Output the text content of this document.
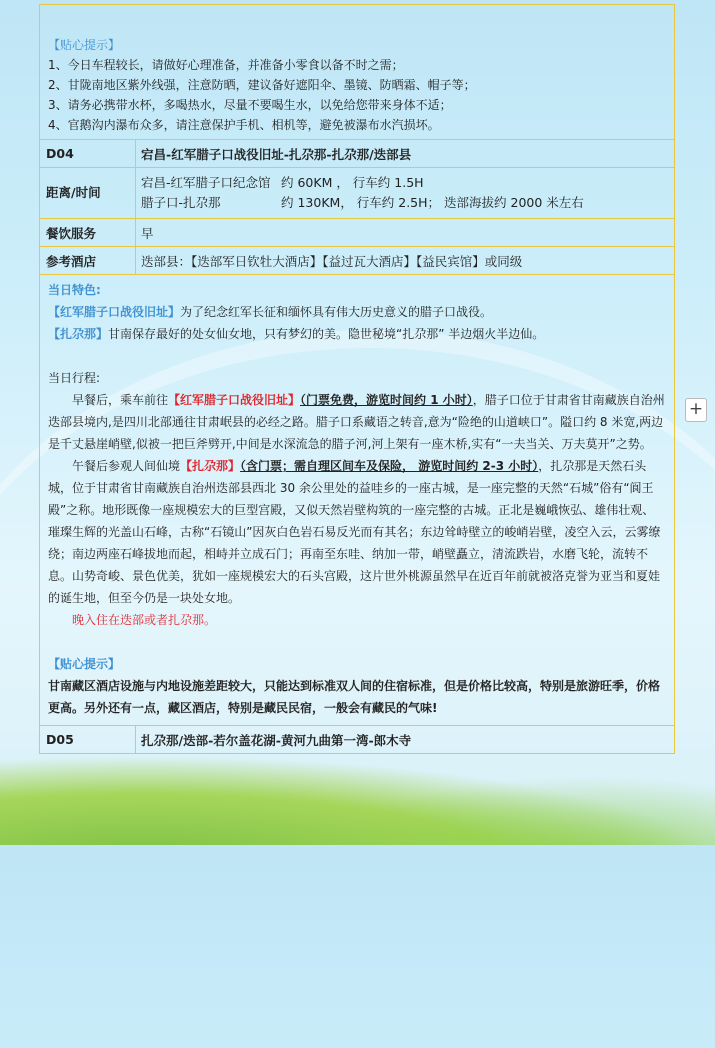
【贴心提示】

1、今日车程较长，请做好心理准备，并准备小零食以备不时之需；

2、甘陇南地区紫外线强，注意防晒，建议备好遮阳伞、墨镜、防晒霜、帽子等；

3、请务必携带水杯，多喝热水，尽量不要喝生水，以免给您带来身体不适；

4、官鹅沟内瀑布众多，请注意保护手机、相机等，避免被瀑布水汽损坏。

D04	宕昌-红军腊子口战役旧址-扎尕那-扎尕那/迭部县
距离/时间	宕昌-红军腊子口纪念馆 约 60KM ， 行车约 1.5H
腊子口-扎尕那 约 130KM， 行车约 2.5H； 迭部海拔约 2000 米左右

餐饮服务	早
参考酒店	迭部县：【迭部军日钦牡大酒店】【益过瓦大酒店】【益民宾馆】或同级

当日特色:

【红军腊子口战役旧址】为了纪念红军长征和缅怀具有伟大历史意义的腊子口战役。

【扎尕那】甘南保存最好的处女仙女地，只有梦幻的美。隐世秘境“扎尕那” 半边烟火半边仙。

当日行程:

早餐后，乘车前往【红军腊子口战役旧址】（门票免费，游览时间约 1 小时），腊子口位于甘肃省甘南藏族自治州迭部县境内,是四川北部通往甘肃岷县的必经之路。腊子口系藏语之转音,意为“险绝的山道峡口”。隘口约 8 米宽,两边是千丈悬崖峭壁,似被一把巨斧劈开,中间是水深流急的腊子河,河上架有一座木桥,实有“一夫当关、万夫莫开”之势。

午餐后参观人间仙境【扎尕那】（含门票；需自理区间车及保险， 游览时间约 2-3 小时），扎尕那是天然石头城，位于甘肃省甘南藏族自治州迭部县西北 30 余公里处的益哇乡的一座古城，是一座完整的天然“石城”俗有“阆王殿”之称。地形既像一座规模宏大的巨型宫殿，又似天然岩壁构筑的一座完整的古城。正北是巍峨恢弘、雄伟壮观、璀璨生辉的光盖山石峰，古称“石镜山”因灰白色岩石易反光而有其名；东边耸峙壁立的峻峭岩壁，凌空入云，云雾缭绕；南边两座石峰拔地而起，相峙并立成石门；再南至东哇、纳加一带，峭壁矗立，清流跌岩，水磨飞轮，流转不息。山势奇峻、景色优美，犹如一座规模宏大的石头宫殿，这片世外桃源虽然早在近百年前就被洛克誉为亚当和夏娃的诞生地，但至今仍是一块处女地。

晚入住在迭部或者扎尕那。

【贴心提示】

甘南藏区酒店设施与内地设施差距较大，只能达到标准双人间的住宿标准，但是价格比较高，特别是旅游旺季，价格更高。另外还有一点，藏区酒店，特别是藏民民宿，一般会有藏民的气味!

D05	扎尕那/迭部-若尔盖花湖-黄河九曲第一湾-郎木寺
+
